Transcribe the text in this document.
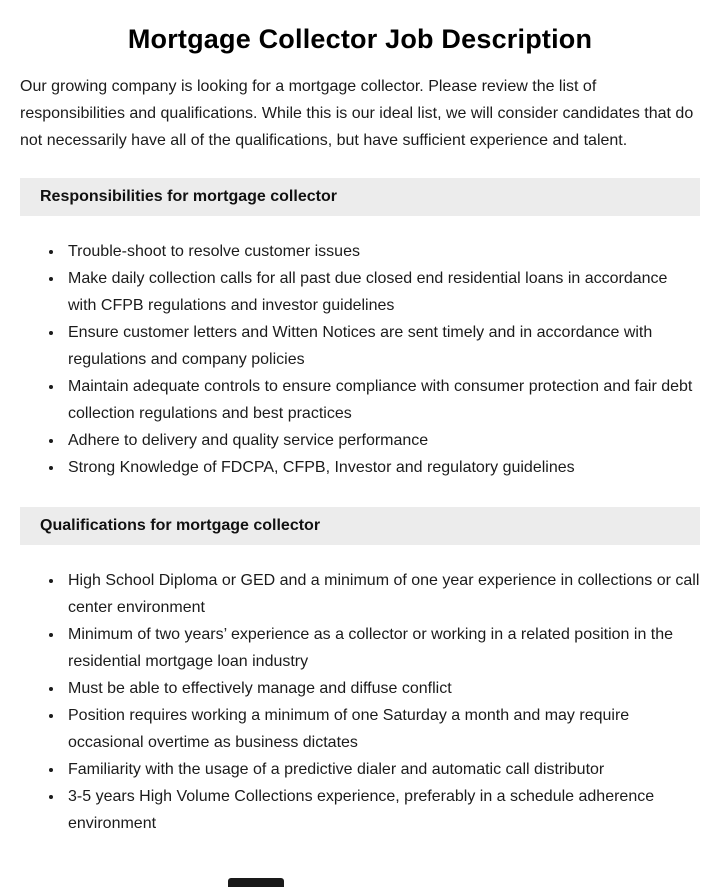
Mortgage Collector Job Description

Our growing company is looking for a mortgage collector. Please review the list of responsibilities and qualifications. While this is our ideal list, we will consider candidates that do not necessarily have all of the qualifications, but have sufficient experience and talent.

Responsibilities for mortgage collector
• Trouble-shoot to resolve customer issues
• Make daily collection calls for all past due closed end residential loans in accordance with CFPB regulations and investor guidelines
• Ensure customer letters and Witten Notices are sent timely and in accordance with regulations and company policies
• Maintain adequate controls to ensure compliance with consumer protection and fair debt collection regulations and best practices
• Adhere to delivery and quality service performance
• Strong Knowledge of FDCPA, CFPB, Investor and regulatory guidelines
Qualifications for mortgage collector
• High School Diploma or GED and a minimum of one year experience in collections or call center environment
• Minimum of two years’ experience as a collector or working in a related position in the residential mortgage loan industry
• Must be able to effectively manage and diffuse conflict
• Position requires working a minimum of one Saturday a month and may require occasional overtime as business dictates
• Familiarity with the usage of a predictive dialer and automatic call distributor
• 3-5 years High Volume Collections experience, preferably in a schedule adherence environment
